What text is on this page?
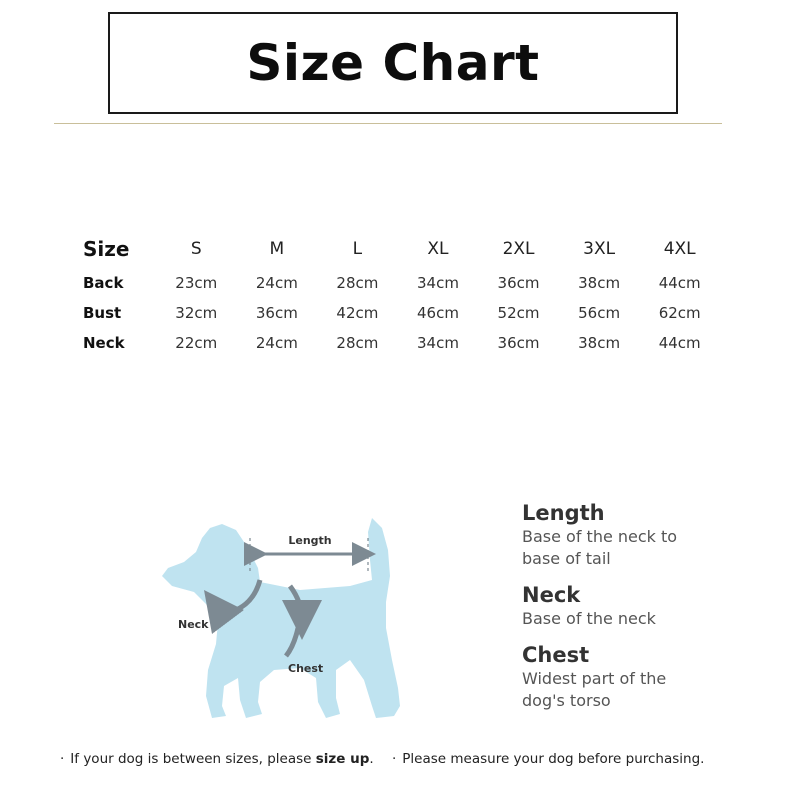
Size Chart
Size	S	M	L	XL	2XL	3XL	4XL
Back	23cm	24cm	28cm	34cm	36cm	38cm	44cm
Bust	32cm	36cm	42cm	46cm	52cm	56cm	62cm
Neck	22cm	24cm	28cm	34cm	36cm	38cm	44cm
Length
Neck
Chest
Length
Base of the neck to
base of tail
Neck
Base of the neck
Chest
Widest part of the
dog's torso
· If your dog is between sizes, please size up. · Please measure your dog before purchasing.
